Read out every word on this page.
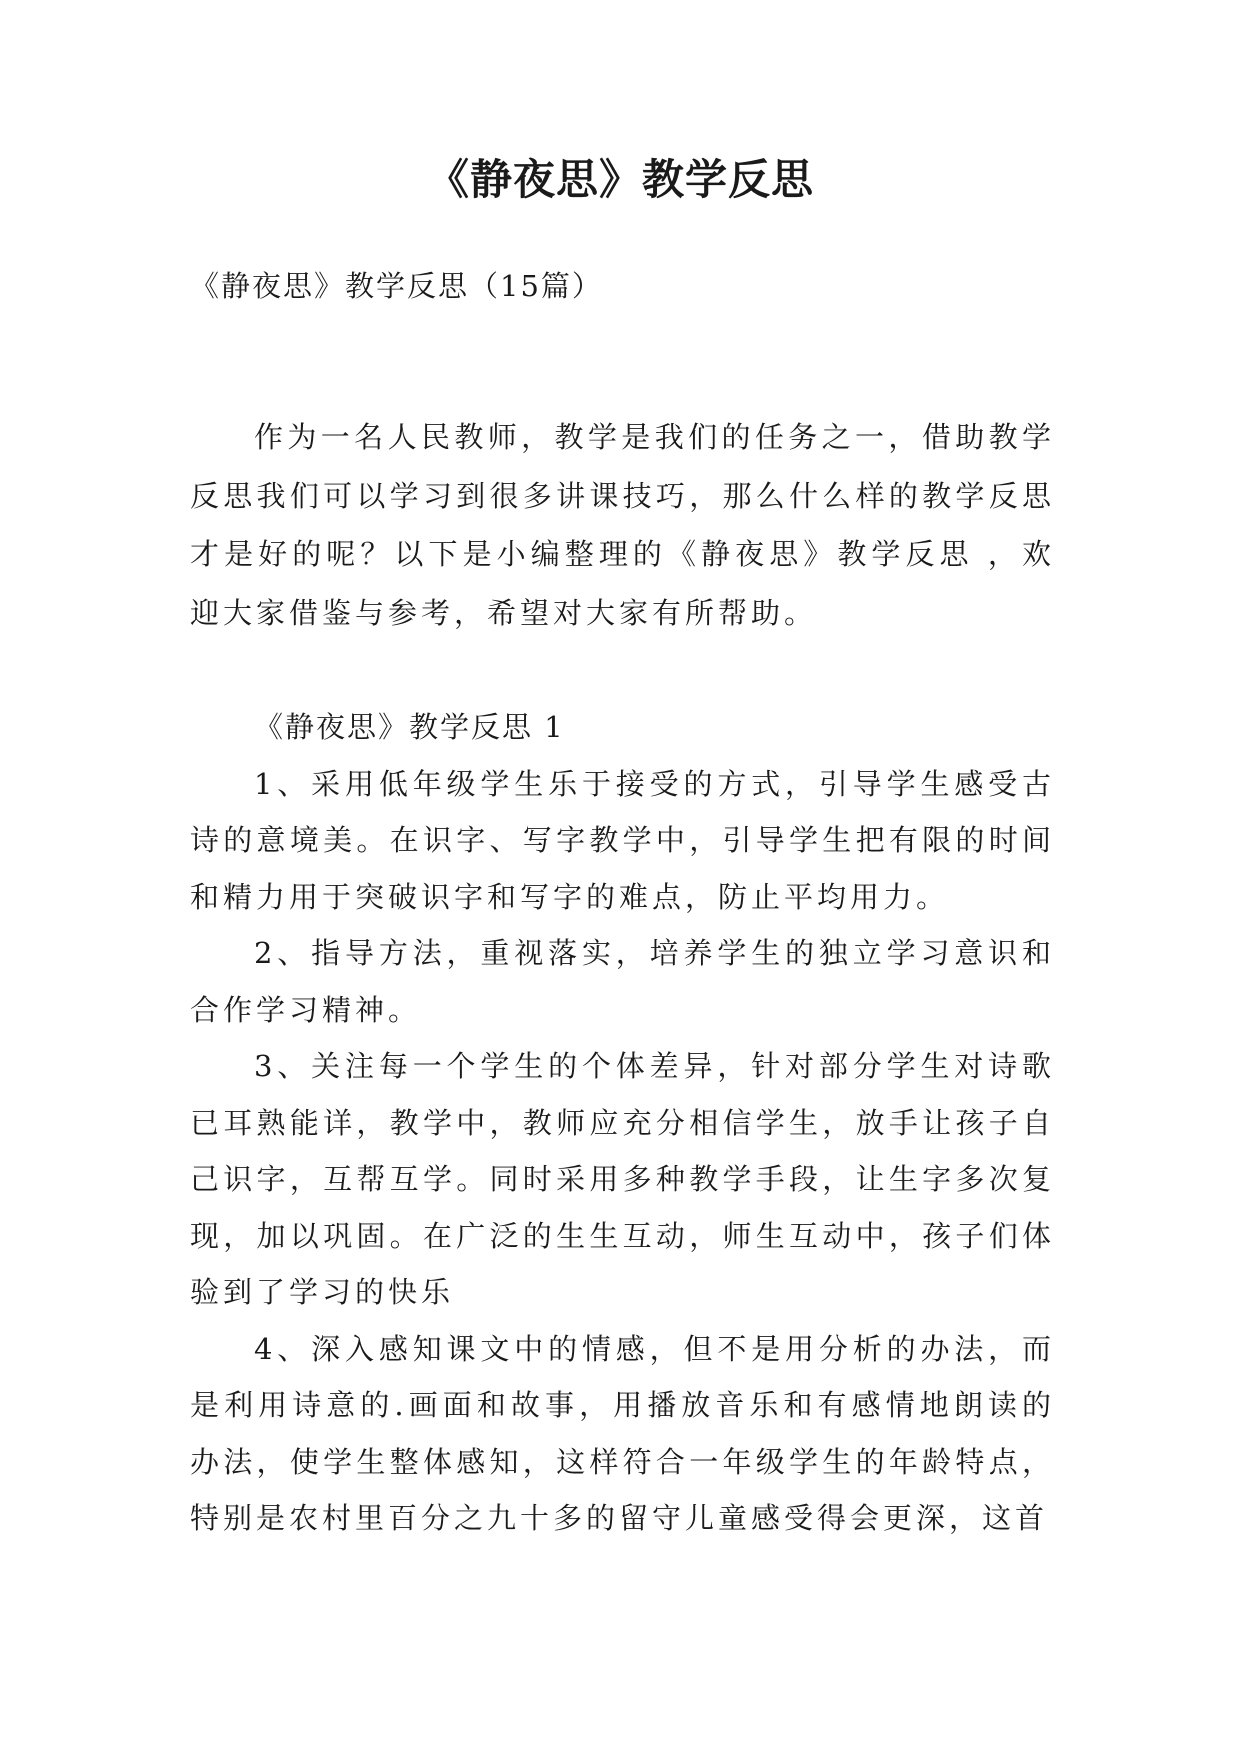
《静夜思》教学反思
《静夜思》教学反思（15篇）

作为一名人民教师，教学是我们的任务之一，借助教学反思我们可以学习到很多讲课技巧，那么什么样的教学反思才是好的呢？以下是小编整理的《静夜思》教学反思 ，欢迎大家借鉴与参考，希望对大家有所帮助。

《静夜思》教学反思 1

1、采用低年级学生乐于接受的方式，引导学生感受古诗的意境美。在识字、写字教学中，引导学生把有限的时间和精力用于突破识字和写字的难点，防止平均用力。

2、指导方法，重视落实，培养学生的独立学习意识和合作学习精神。

3、关注每一个学生的个体差异，针对部分学生对诗歌已耳熟能详，教学中，教师应充分相信学生，放手让孩子自己识字，互帮互学。同时采用多种教学手段，让生字多次复现，加以巩固。在广泛的生生互动，师生互动中，孩子们体验到了学习的快乐

4、深入感知课文中的情感，但不是用分析的办法，而是利用诗意的.画面和故事，用播放音乐和有感情地朗读的办法，使学生整体感知，这样符合一年级学生的年龄特点，特别是农村里百分之九十多的留守儿童感受得会更深，这首
